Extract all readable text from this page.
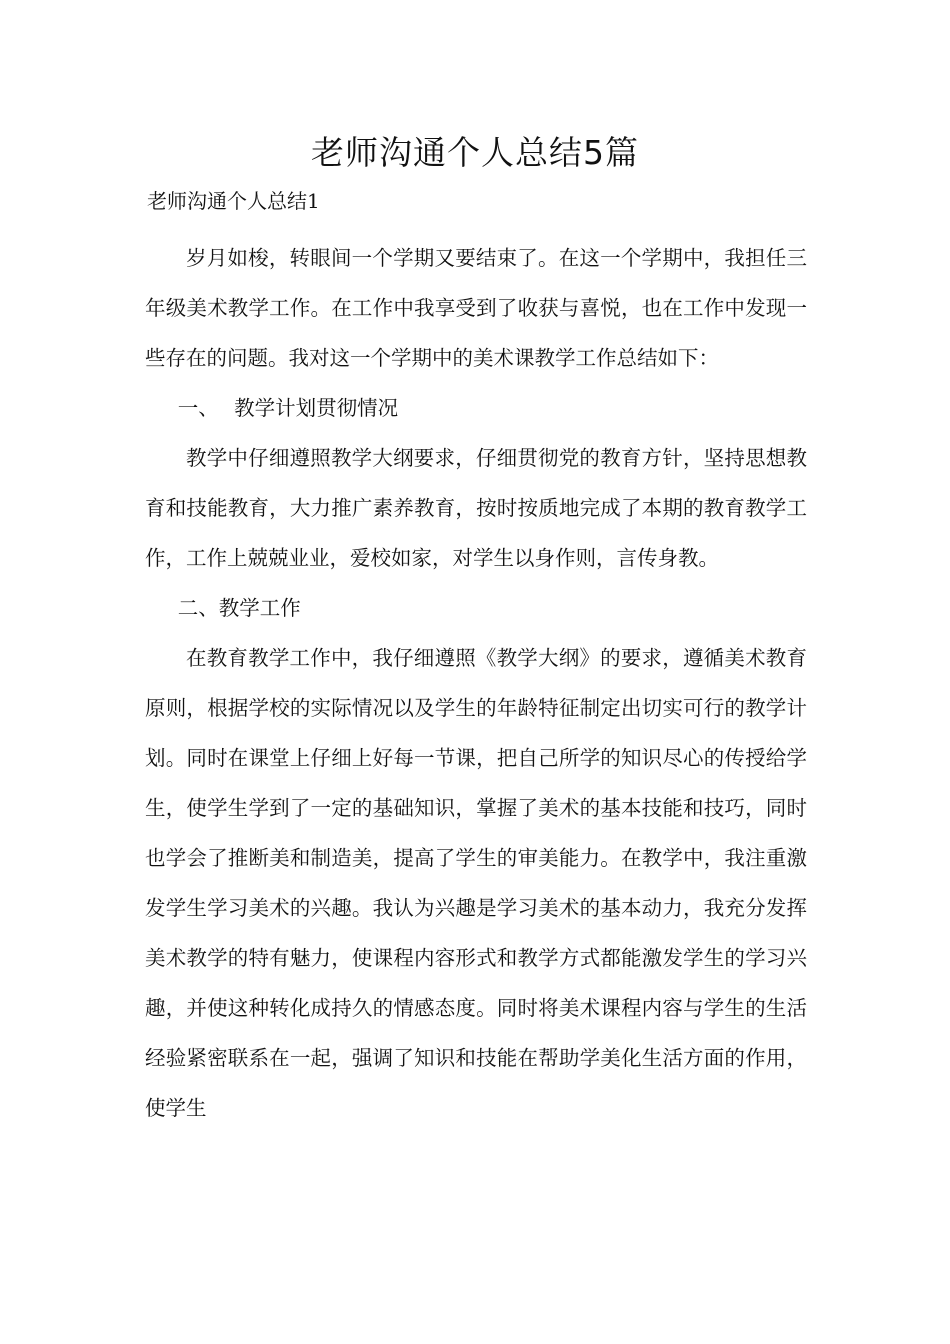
老师沟通个人总结5篇

老师沟通个人总结1

岁月如梭，转眼间一个学期又要结束了。在这一个学期中，我担任三年级美术教学工作。在工作中我享受到了收获与喜悦，也在工作中发现一些存在的问题。我对这一个学期中的美术课教学工作总结如下：

一、 教学计划贯彻情况

教学中仔细遵照教学大纲要求，仔细贯彻党的教育方针，坚持思想教育和技能教育，大力推广素养教育，按时按质地完成了本期的教育教学工作，工作上兢兢业业，爱校如家，对学生以身作则，言传身教。

二、教学工作

在教育教学工作中，我仔细遵照《教学大纲》的要求，遵循美术教育原则，根据学校的实际情况以及学生的年龄特征制定出切实可行的教学计划。同时在课堂上仔细上好每一节课，把自己所学的知识尽心的传授给学生，使学生学到了一定的基础知识，掌握了美术的基本技能和技巧，同时也学会了推断美和制造美，提高了学生的审美能力。在教学中，我注重激发学生学习美术的兴趣。我认为兴趣是学习美术的基本动力，我充分发挥美术教学的特有魅力，使课程内容形式和教学方式都能激发学生的学习兴趣，并使这种转化成持久的情感态度。同时将美术课程内容与学生的生活经验紧密联系在一起，强调了知识和技能在帮助学美化生活方面的作用，使学生
